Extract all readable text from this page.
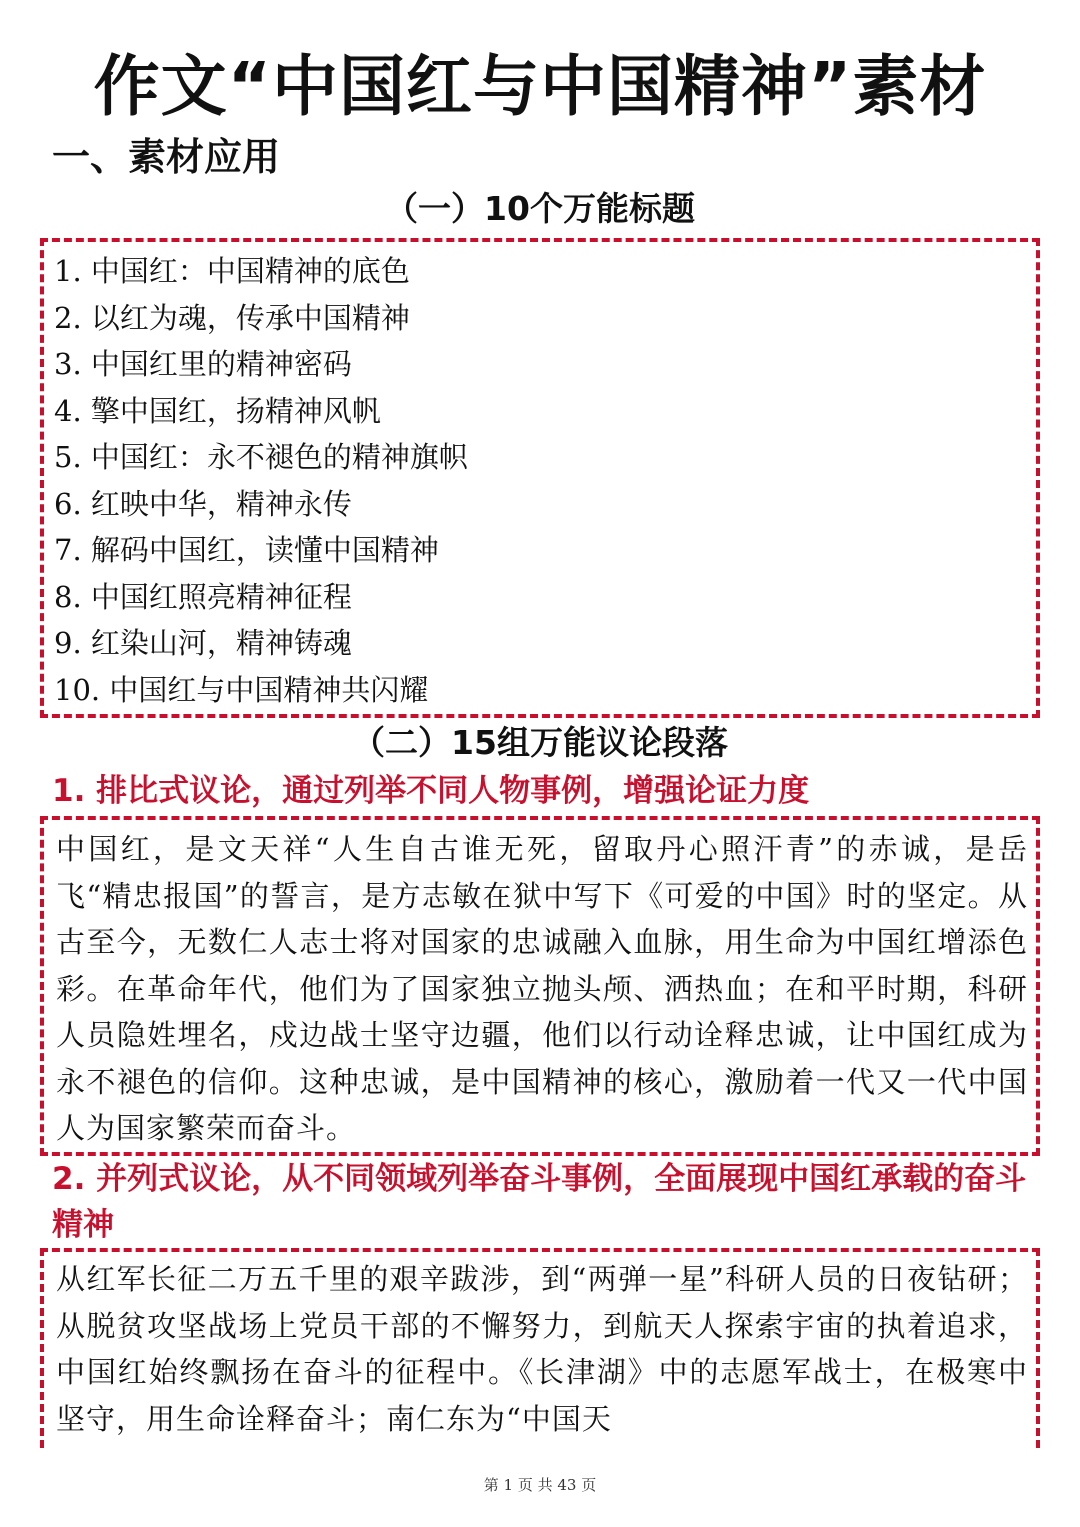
作文“中国红与中国精神”素材
一、素材应用
（一）10个万能标题
1. 中国红：中国精神的底色
2. 以红为魂，传承中国精神
3. 中国红里的精神密码
4. 擎中国红，扬精神风帆
5. 中国红：永不褪色的精神旗帜
6. 红映中华，精神永传
7. 解码中国红，读懂中国精神
8. 中国红照亮精神征程
9. 红染山河，精神铸魂
10. 中国红与中国精神共闪耀
（二）15组万能议论段落
1. 排比式议论，通过列举不同人物事例，增强论证力度
中国红，是文天祥“人生自古谁无死，留取丹心照汗青”的赤诚，是岳飞“精忠报国”的誓言，是方志敏在狱中写下《可爱的中国》时的坚定。从古至今，无数仁人志士将对国家的忠诚融入血脉，用生命为中国红增添色彩。在革命年代，他们为了国家独立抛头颅、洒热血；在和平时期，科研人员隐姓埋名，戍边战士坚守边疆，他们以行动诠释忠诚，让中国红成为永不褪色的信仰。这种忠诚，是中国精神的核心，激励着一代又一代中国人为国家繁荣而奋斗。
2. 并列式议论，从不同领域列举奋斗事例，全面展现中国红承载的奋斗精神
从红军长征二万五千里的艰辛跋涉，到“两弹一星”科研人员的日夜钻研；从脱贫攻坚战场上党员干部的不懈努力，到航天人探索宇宙的执着追求，中国红始终飘扬在奋斗的征程中。《长津湖》中的志愿军战士，在极寒中坚守，用生命诠释奋斗；南仁东为“中国天
第 1 页 共 43 页
